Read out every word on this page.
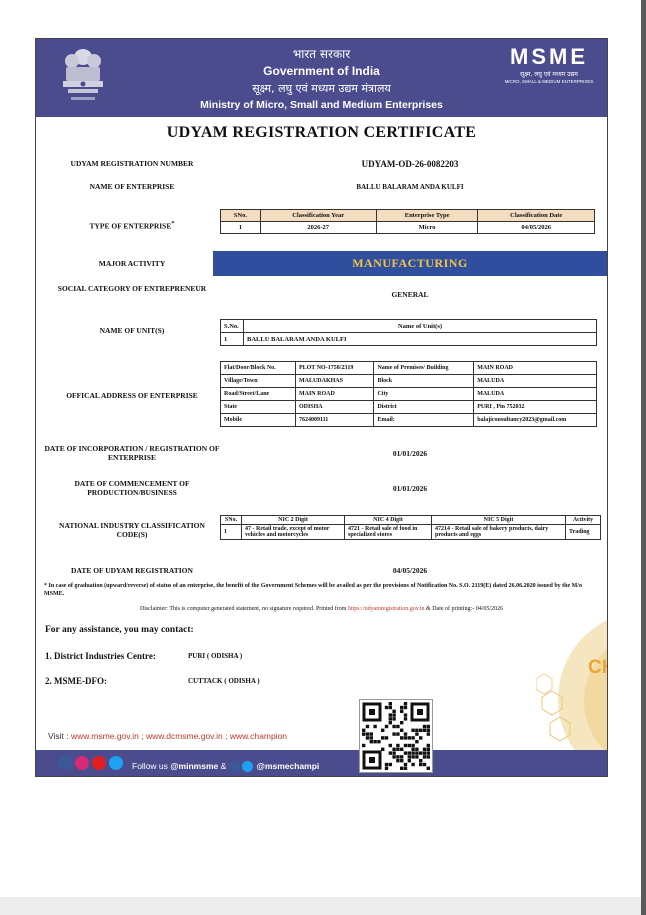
भारत सरकार
Government of India
सूक्ष्म, लघु एवं मध्यम उद्यम मंत्रालय
Ministry of Micro, Small and Medium Enterprises
MSME
सूक्ष्म, लघु एवं मध्यम उद्यम
MICRO, SMALL & MEDIUM ENTERPRISES
UDYAM REGISTRATION CERTIFICATE
UDYAM REGISTRATION NUMBER	UDYAM-OD-26-0082203
NAME OF ENTERPRISE	BALLU BALARAM ANDA KULFI
TYPE OF ENTERPRISE*
SNo.	Classification Year	Enterprise Type	Classification Date
1	2026-27	Micro	04/05/2026
MAJOR ACTIVITY	MANUFACTURING
SOCIAL CATEGORY OF ENTREPRENEUR
GENERAL
NAME OF UNIT(S)	S.No.	Name of Unit(s)
1	BALLU BALARAM ANDA KULFI
OFFICAL ADDRESS OF ENTERPRISE
Flat/Door/Block No.	PLOT NO-1758/2319	Name of Premises/ Building	MAIN ROAD
Village/Town	MALUDAKHAS	Block	MALUDA
Road/Street/Lane	MAIN ROAD	City	MALUDA
State	ODISHA	District	PURI , Pin 752032
Mobile	7624009111	Email:	balajiconsultancy2023@gmail.com
DATE OF INCORPORATION / REGISTRATION OF ENTERPRISE	01/01/2026
DATE OF COMMENCEMENT OF PRODUCTION/BUSINESS	01/01/2026
NATIONAL INDUSTRY CLASSIFICATION CODE(S)
SNo.	NIC 2 Digit	NIC 4 Digit	NIC 5 Digit	Activity
1	47 - Retail trade, except of motor vehicles and motorcycles	4721 - Retail sale of food in specialized stores	47214 - Retail sale of bakery products, dairy products and eggs	Trading
DATE OF UDYAM REGISTRATION	04/05/2026
* In case of graduation (upward/reverse) of status of an enterprise, the benefit of the Government Schemes will be availed as per the provisions of Notification No. S.O. 2119(E) dated 26.06.2020 issued by the M/o MSME.
Disclaimer: This is computer generated statement, no signature required. Printed from https://udyamregistration.gov.in & Date of printing:- 04/05/2026
For any assistance, you may contact:
1. District Industries Centre:	PURI ( ODISHA )
2. MSME-DFO:	CUTTACK ( ODISHA )
B
CHA
wit
Mini
MS
Visit : www.msme.gov.in ; www.dcmsme.gov.in ; www.champion
Follow us @minmsme &	@msmechampi
